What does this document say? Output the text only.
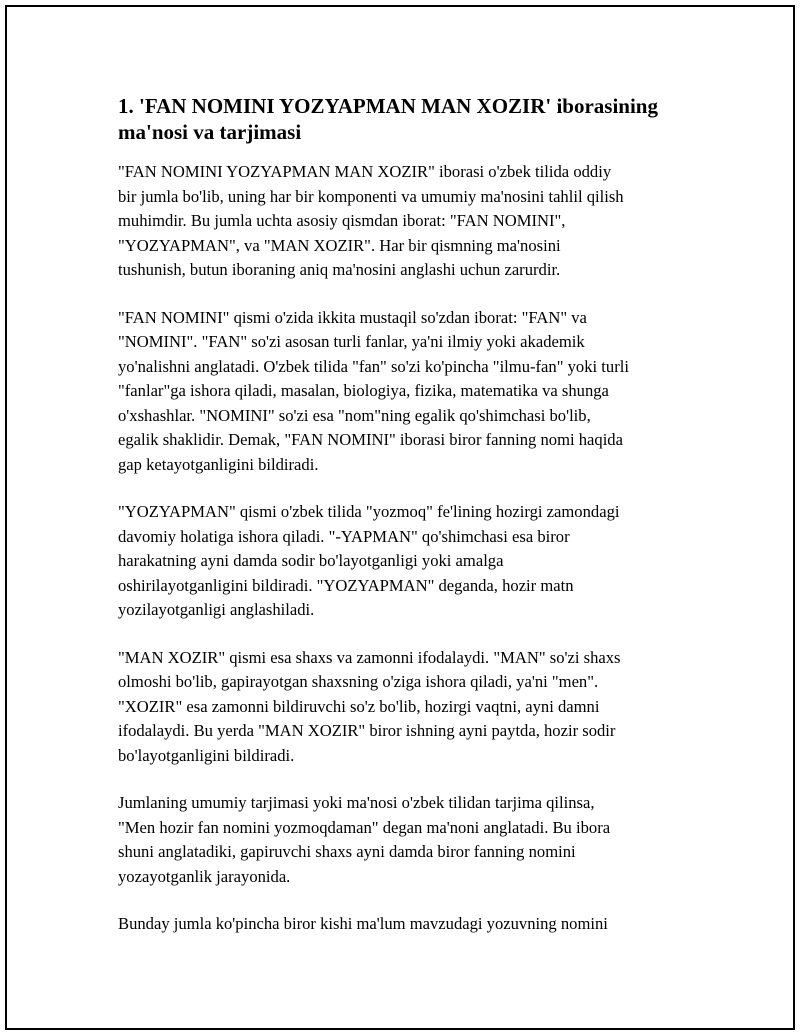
1. 'FAN NOMINI YOZYAPMAN MAN XOZIR' iborasining
ma'nosi va tarjimasi

"FAN NOMINI YOZYAPMAN MAN XOZIR" iborasi o'zbek tilida oddiy
bir jumla bo'lib, uning har bir komponenti va umumiy ma'nosini tahlil qilish
muhimdir. Bu jumla uchta asosiy qismdan iborat: "FAN NOMINI",
"YOZYAPMAN", va "MAN XOZIR". Har bir qismning ma'nosini
tushunish, butun iboraning aniq ma'nosini anglashi uchun zarurdir.

"FAN NOMINI" qismi o'zida ikkita mustaqil so'zdan iborat: "FAN" va
"NOMINI". "FAN" so'zi asosan turli fanlar, ya'ni ilmiy yoki akademik
yo'nalishni anglatadi. O'zbek tilida "fan" so'zi ko'pincha "ilmu-fan" yoki turli
"fanlar"ga ishora qiladi, masalan, biologiya, fizika, matematika va shunga
o'xshashlar. "NOMINI" so'zi esa "nom"ning egalik qo'shimchasi bo'lib,
egalik shaklidir. Demak, "FAN NOMINI" iborasi biror fanning nomi haqida
gap ketayotganligini bildiradi.

"YOZYAPMAN" qismi o'zbek tilida "yozmoq" fe'lining hozirgi zamondagi
davomiy holatiga ishora qiladi. "-YAPMAN" qo'shimchasi esa biror
harakatning ayni damda sodir bo'layotganligi yoki amalga
oshirilayotganligini bildiradi. "YOZYAPMAN" deganda, hozir matn
yozilayotganligi anglashiladi.

"MAN XOZIR" qismi esa shaxs va zamonni ifodalaydi. "MAN" so'zi shaxs
olmoshi bo'lib, gapirayotgan shaxsning o'ziga ishora qiladi, ya'ni "men".
"XOZIR" esa zamonni bildiruvchi so'z bo'lib, hozirgi vaqtni, ayni damni
ifodalaydi. Bu yerda "MAN XOZIR" biror ishning ayni paytda, hozir sodir
bo'layotganligini bildiradi.

Jumlaning umumiy tarjimasi yoki ma'nosi o'zbek tilidan tarjima qilinsa,
"Men hozir fan nomini yozmoqdaman" degan ma'noni anglatadi. Bu ibora
shuni anglatadiki, gapiruvchi shaxs ayni damda biror fanning nomini
yozayotganlik jarayonida.

Bunday jumla ko'pincha biror kishi ma'lum mavzudagi yozuvning nomini
